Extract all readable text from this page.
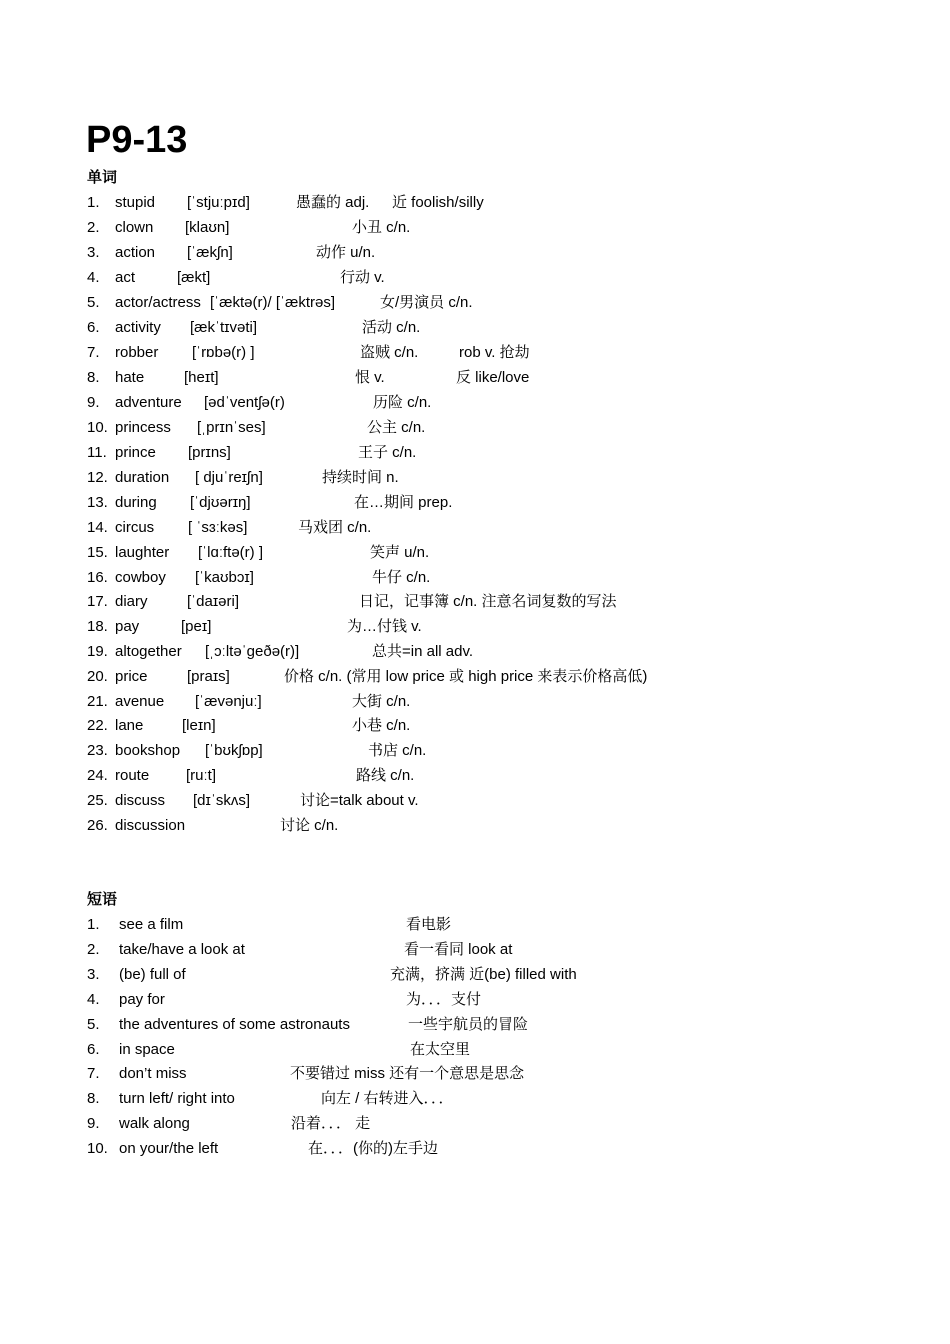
P9-13
单词
1. stupid [ˈstjuːpɪd]	愚蠢的 adj. 近 foolish/silly
2. clown [klaʊn]	小丑 c/n.
3. action [ˈækʃn]	动作 u/n.
4. act	[ækt]	行动 v.
5. actor/actress [ˈæktə(r)/ [ˈæktrəs]	女/男演员 c/n.
6. activity [ækˈtɪvəti]	活动 c/n.
7. robber [ˈrɒbə(r) ]	盗贼 c/n.	rob v. 抢劫
8. hate	[heɪt]	恨 v.	反 like/love
9. adventure [ədˈventʃə(r)	历险 c/n.
10. princess [ˌprɪnˈses]	公主 c/n.
11. prince [prɪns]	王子 c/n.
12. duration [ djuˈreɪʃn]	持续时间 n.
13. during [ˈdjʊərɪŋ]	在…期间 prep.
14. circus [ ˈsɜːkəs]	马戏团 c/n.
15. laughter [ˈlɑːftə(r) ]	笑声 u/n.
16. cowboy [ˈkaʊbɔɪ]	牛仔 c/n.
17. diary	[ˈdaɪəri]	日记，记事簿 c/n. 注意名词复数的写法
18. pay	[peɪ]	为…付钱 v.
19. altogether [ˌɔːltəˈgeðə(r)]	总共=in all adv.
20. price	[praɪs]	价格 c/n. (常用 low price 或 high price 来表示价格高低)
21. avenue [ˈævənjuː]	大街 c/n.
22. lane	[leɪn]	小巷 c/n.
23. bookshop [ˈbʊkʃɒp]	书店 c/n.
24. route [ruːt]	路线 c/n.
25. discuss [dɪˈskʌs]	讨论=talk about v.
26. discussion	讨论 c/n.
短语
1. see a film	看电影
2. take/have a look at	看一看同 look at
3. (be) full of	充满，挤满 近(be) filled with
4. pay for	为．．．支付
5. the adventures of some astronauts	一些宇航员的冒险
6. in space	在太空里
7. don’t miss	不要错过 miss 还有一个意思是思念
8. turn left/ right into	向左 / 右转进入．．．
9. walk along	沿着．．． 走
10. on your/the left	在．．．(你的)左手边
